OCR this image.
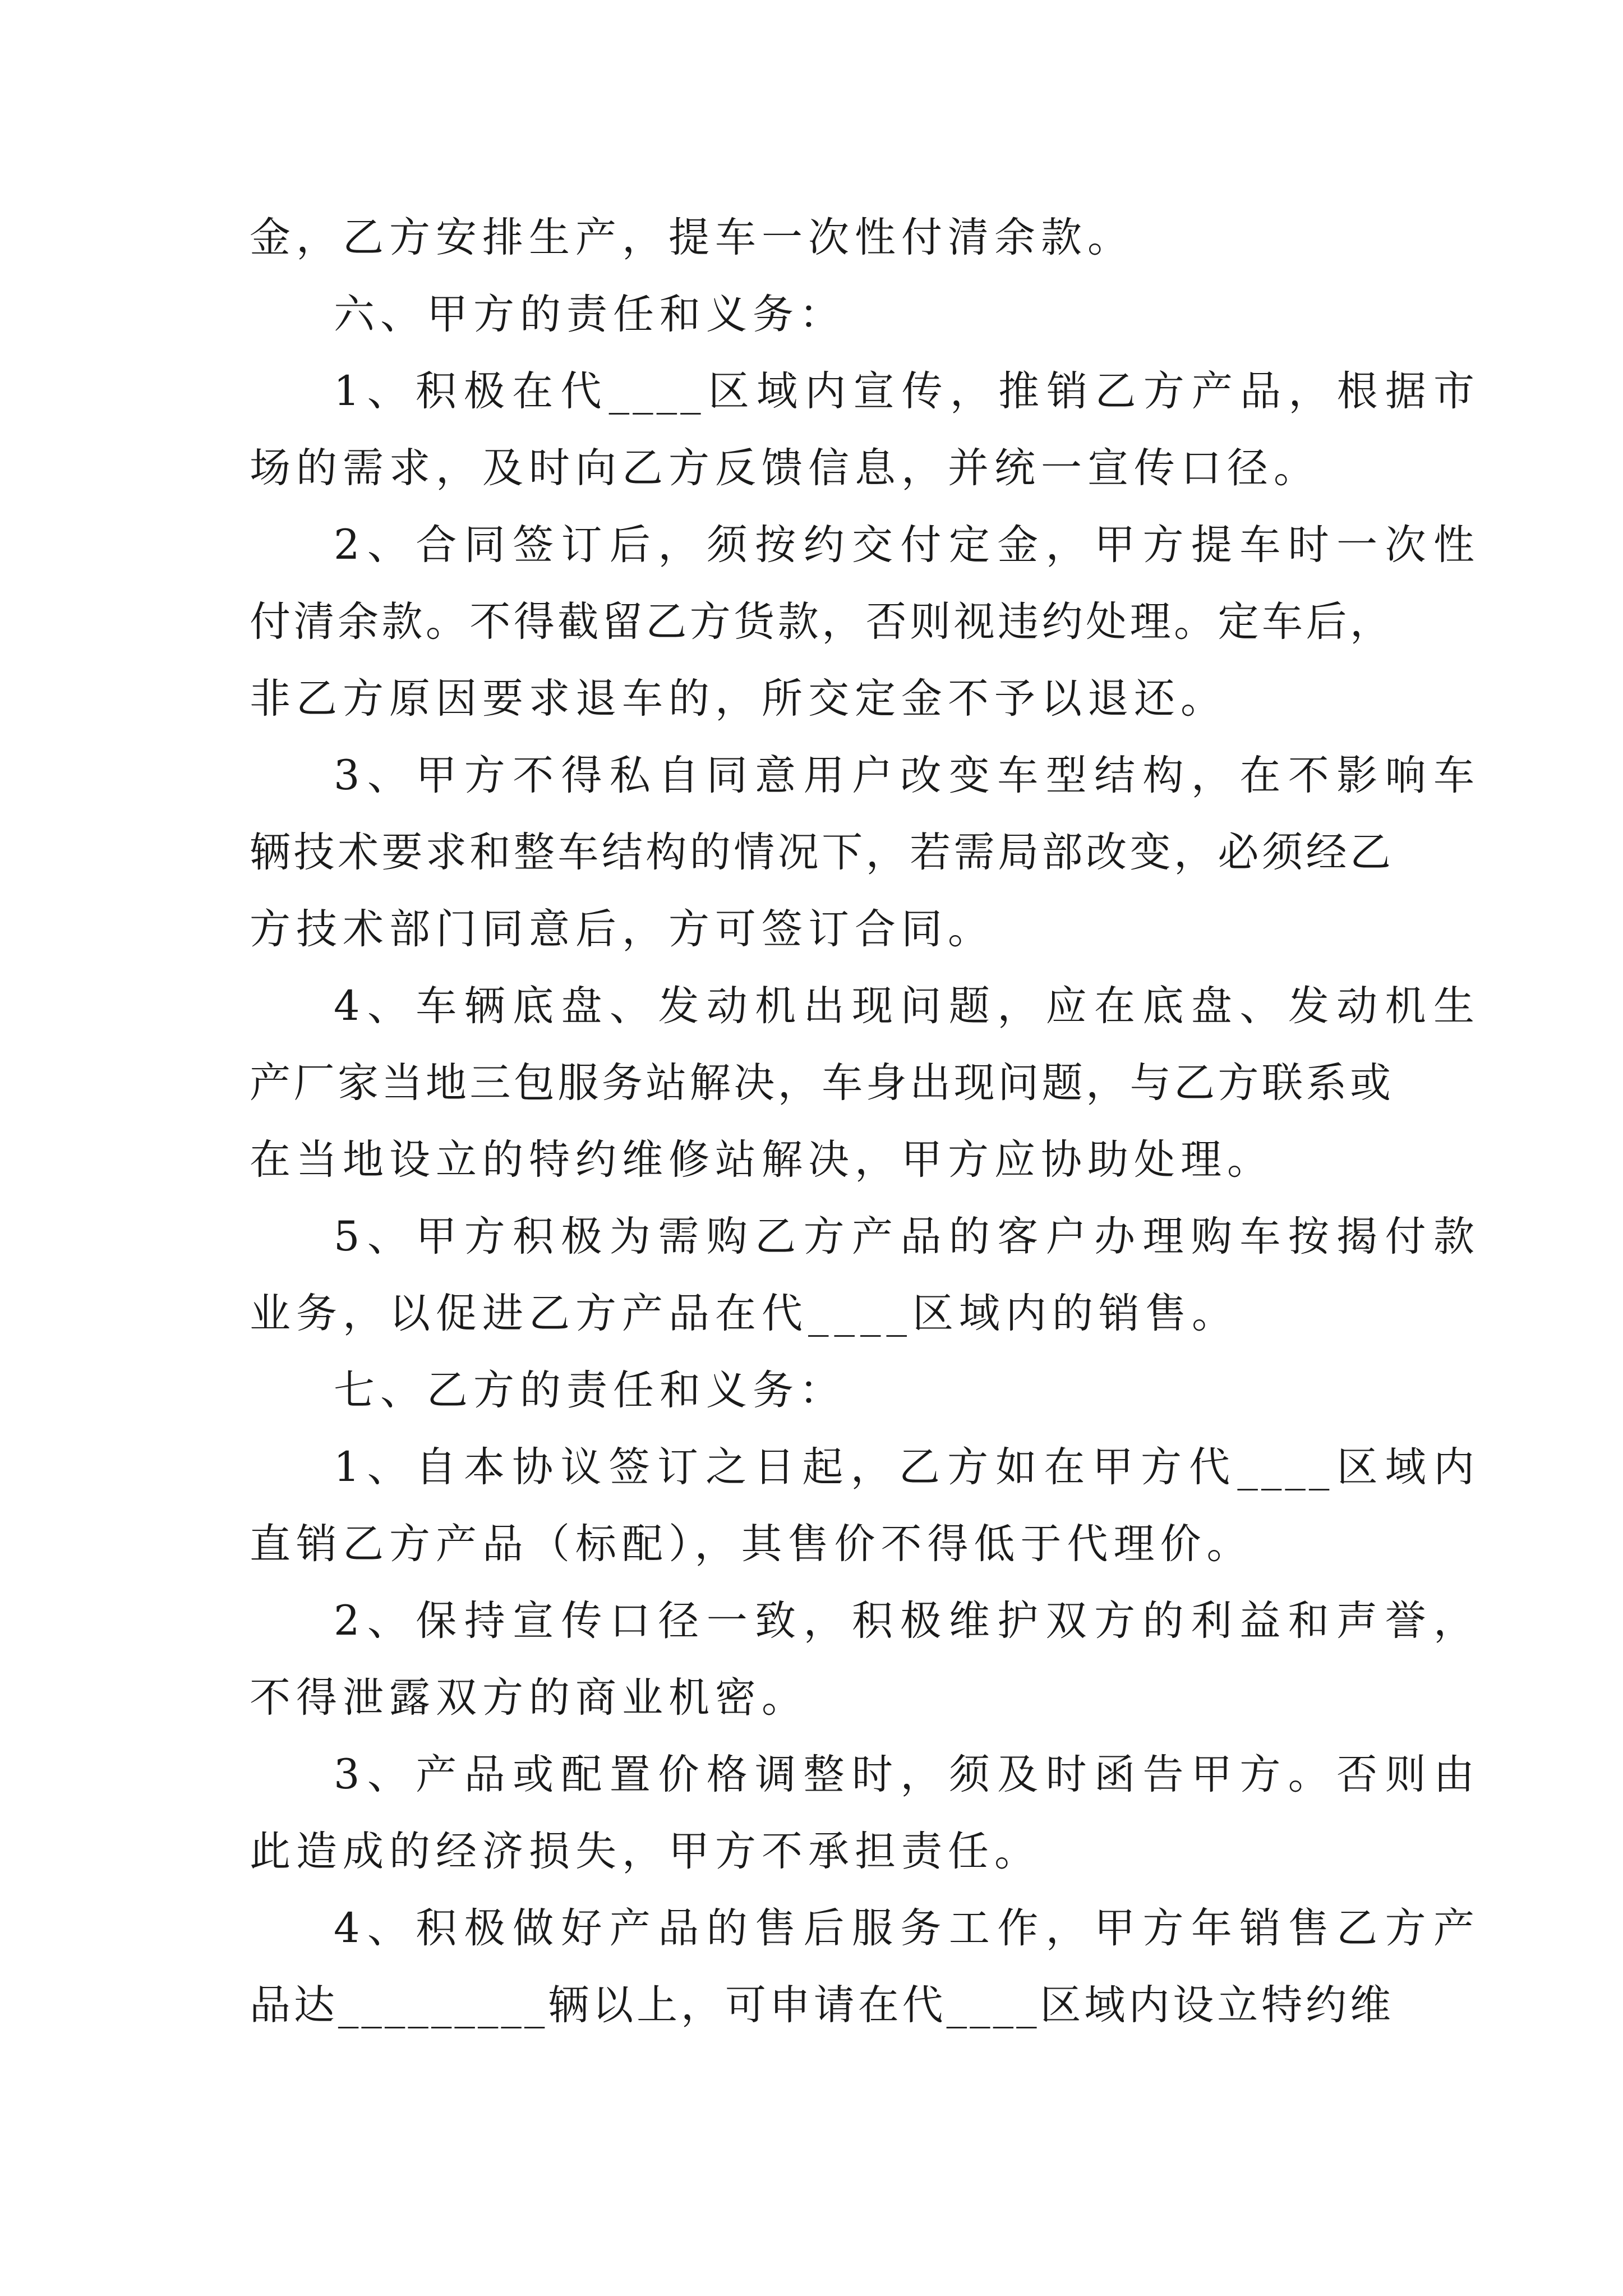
金，乙方安排生产，提车一次性付清余款。
六、甲方的责任和义务：
1、积极在代____区域内宣传，推销乙方产品，根据市
场的需求，及时向乙方反馈信息，并统一宣传口径。
2、合同签订后，须按约交付定金，甲方提车时一次性
付清余款。不得截留乙方货款，否则视违约处理。定车后，
非乙方原因要求退车的，所交定金不予以退还。
3、甲方不得私自同意用户改变车型结构，在不影响车
辆技术要求和整车结构的情况下，若需局部改变，必须经乙
方技术部门同意后，方可签订合同。
4、车辆底盘、发动机出现问题，应在底盘、发动机生
产厂家当地三包服务站解决，车身出现问题，与乙方联系或
在当地设立的特约维修站解决，甲方应协助处理。
5、甲方积极为需购乙方产品的客户办理购车按揭付款
业务，以促进乙方产品在代____区域内的销售。
七、乙方的责任和义务：
1、自本协议签订之日起，乙方如在甲方代____区域内
直销乙方产品（标配），其售价不得低于代理价。
2、保持宣传口径一致，积极维护双方的利益和声誉，
不得泄露双方的商业机密。
3、产品或配置价格调整时，须及时函告甲方。否则由
此造成的经济损失，甲方不承担责任。
4、积极做好产品的售后服务工作，甲方年销售乙方产
品达_________辆以上，可申请在代____区域内设立特约维
